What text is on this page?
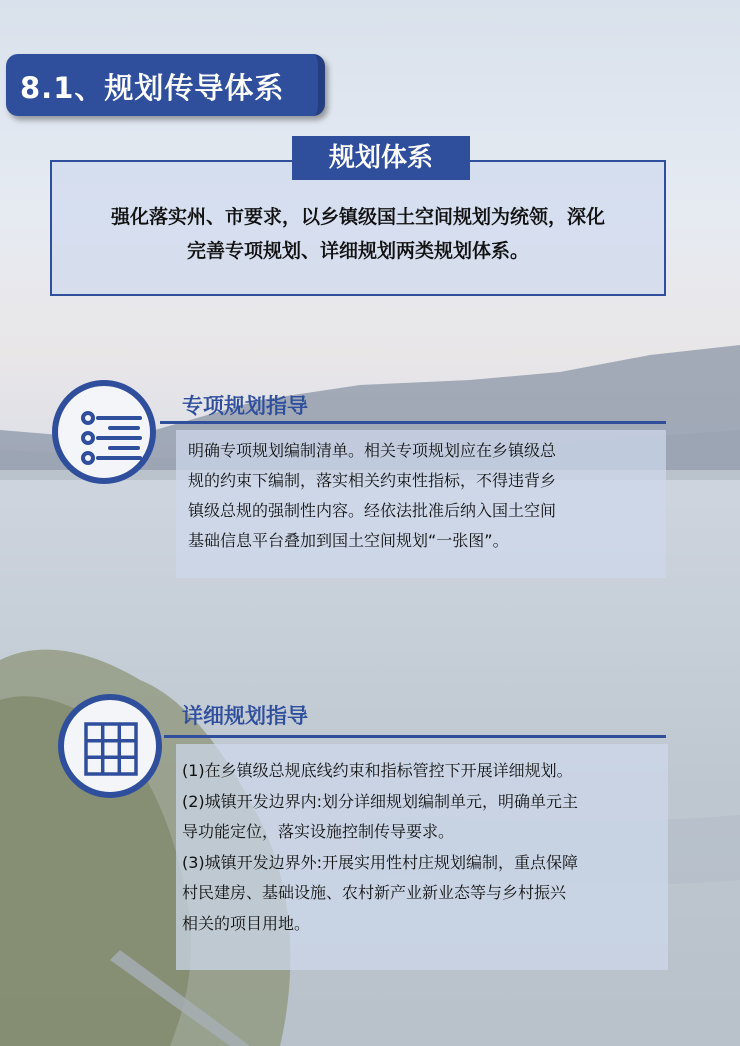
8.1、规划传导体系
强化落实州、市要求，以乡镇级国土空间规划为统领，深化
完善专项规划、详细规划两类规划体系。
规划体系
专项规划指导

明确专项规划编制清单。相关专项规划应在乡镇级总

规的约束下编制，落实相关约束性指标，不得违背乡

镇级总规的强制性内容。经依法批准后纳入国土空间

基础信息平台叠加到国土空间规划“一张图”。

详细规划指导

(1)在乡镇级总规底线约束和指标管控下开展详细规划。

(2)城镇开发边界内:划分详细规划编制单元，明确单元主

导功能定位，落实设施控制传导要求。

(3)城镇开发边界外:开展实用性村庄规划编制，重点保障

村民建房、基础设施、农村新产业新业态等与乡村振兴

相关的项目用地。
